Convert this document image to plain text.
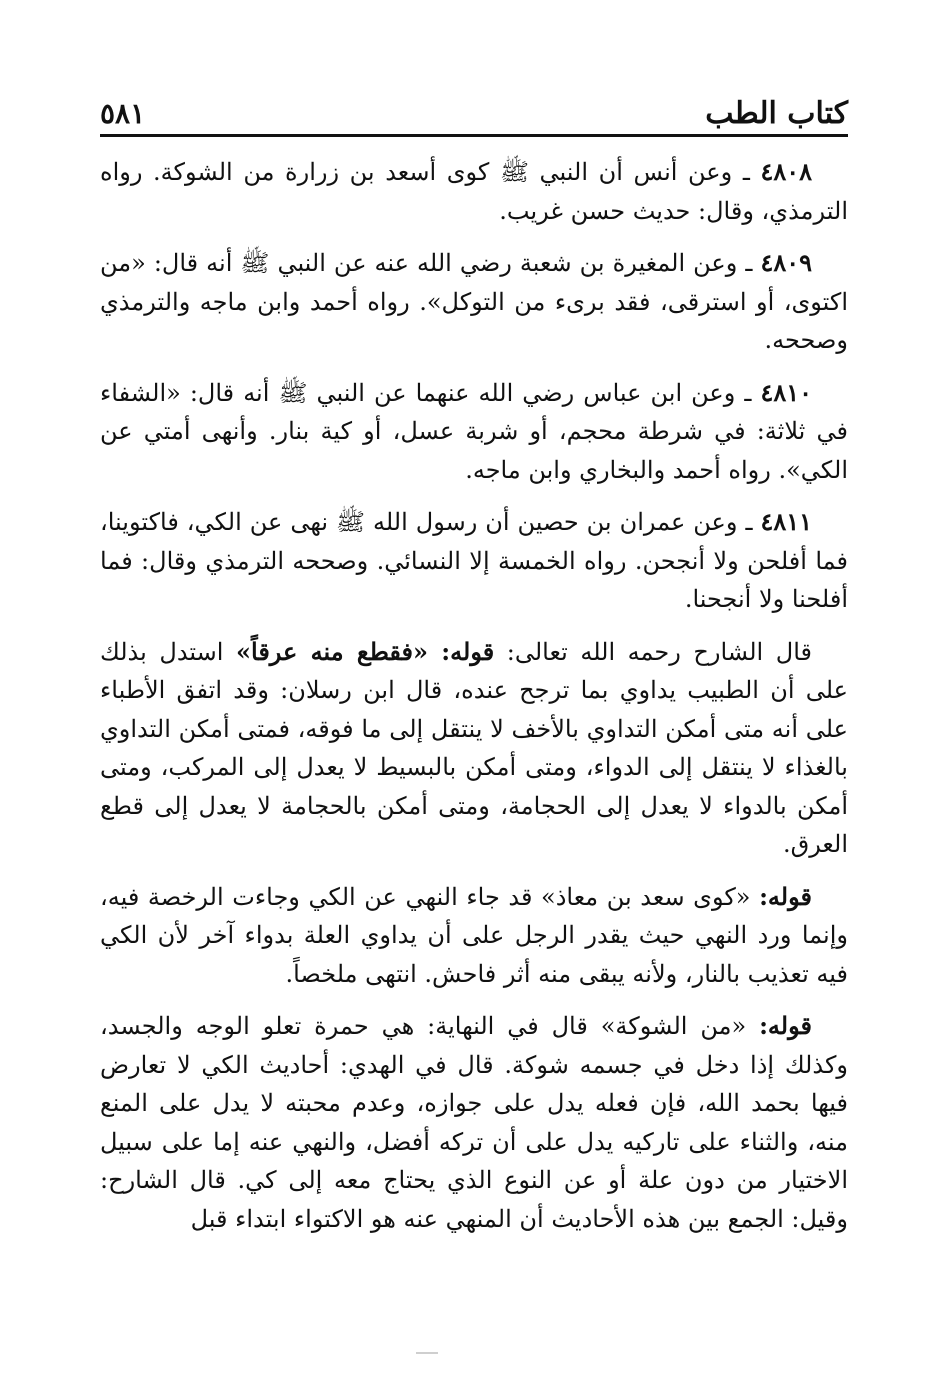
كتاب الطب
٥٨١

٤٨٠٨ ـ وعن أنس أن النبي ﷺ كوى أسعد بن زرارة من الشوكة. رواه الترمذي، وقال: حديث حسن غريب.

٤٨٠٩ ـ وعن المغيرة بن شعبة رضي الله عنه عن النبي ﷺ أنه قال: «من اكتوى، أو استرقى، فقد برىء من التوكل». رواه أحمد وابن ماجه والترمذي وصححه.

٤٨١٠ ـ وعن ابن عباس رضي الله عنهما عن النبي ﷺ أنه قال: «الشفاء في ثلاثة: في شرطة محجم، أو شربة عسل، أو كية بنار. وأنهى أمتي عن الكي». رواه أحمد والبخاري وابن ماجه.

٤٨١١ ـ وعن عمران بن حصين أن رسول الله ﷺ نهى عن الكي، فاكتوينا، فما أفلحن ولا أنجحن. رواه الخمسة إلا النسائي. وصححه الترمذي وقال: فما أفلحنا ولا أنجحنا.

قال الشارح رحمه الله تعالى: قوله: «فقطع منه عرقاً» استدل بذلك على أن الطبيب يداوي بما ترجح عنده، قال ابن رسلان: وقد اتفق الأطباء على أنه متى أمكن التداوي بالأخف لا ينتقل إلى ما فوقه، فمتى أمكن التداوي بالغذاء لا ينتقل إلى الدواء، ومتى أمكن بالبسيط لا يعدل إلى المركب، ومتى أمكن بالدواء لا يعدل إلى الحجامة، ومتى أمكن بالحجامة لا يعدل إلى قطع العرق.

قوله: «كوى سعد بن معاذ» قد جاء النهي عن الكي وجاءت الرخصة فيه، وإنما ورد النهي حيث يقدر الرجل على أن يداوي العلة بدواء آخر لأن الكي فيه تعذيب بالنار، ولأنه يبقى منه أثر فاحش. انتهى ملخصاً.

قوله: «من الشوكة» قال في النهاية: هي حمرة تعلو الوجه والجسد، وكذلك إذا دخل في جسمه شوكة. قال في الهدي: أحاديث الكي لا تعارض فيها بحمد الله، فإن فعله يدل على جوازه، وعدم محبته لا يدل على المنع منه، والثناء على تاركيه يدل على أن تركه أفضل، والنهي عنه إما على سبيل الاختيار من دون علة أو عن النوع الذي يحتاج معه إلى كي. قال الشارح: وقيل: الجمع بين هذه الأحاديث أن المنهي عنه هو الاكتواء ابتداء قبل
